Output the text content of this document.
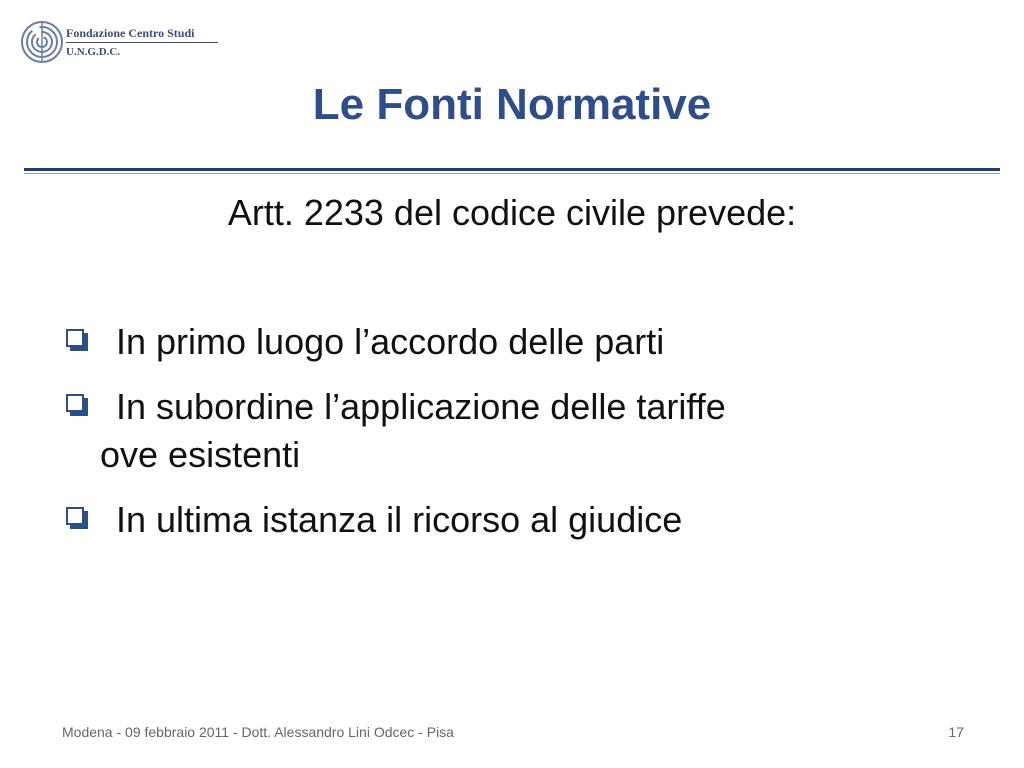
Fondazione Centro Studi
U.N.G.D.C.
Le Fonti Normative
Artt. 2233 del codice civile prevede:
In primo luogo l’accordo delle parti
In subordine l’applicazione delle tariffe
ove esistenti
In ultima istanza il ricorso al giudice
Modena - 09 febbraio 2011 - Dott. Alessandro Lini Odcec - Pisa	17
